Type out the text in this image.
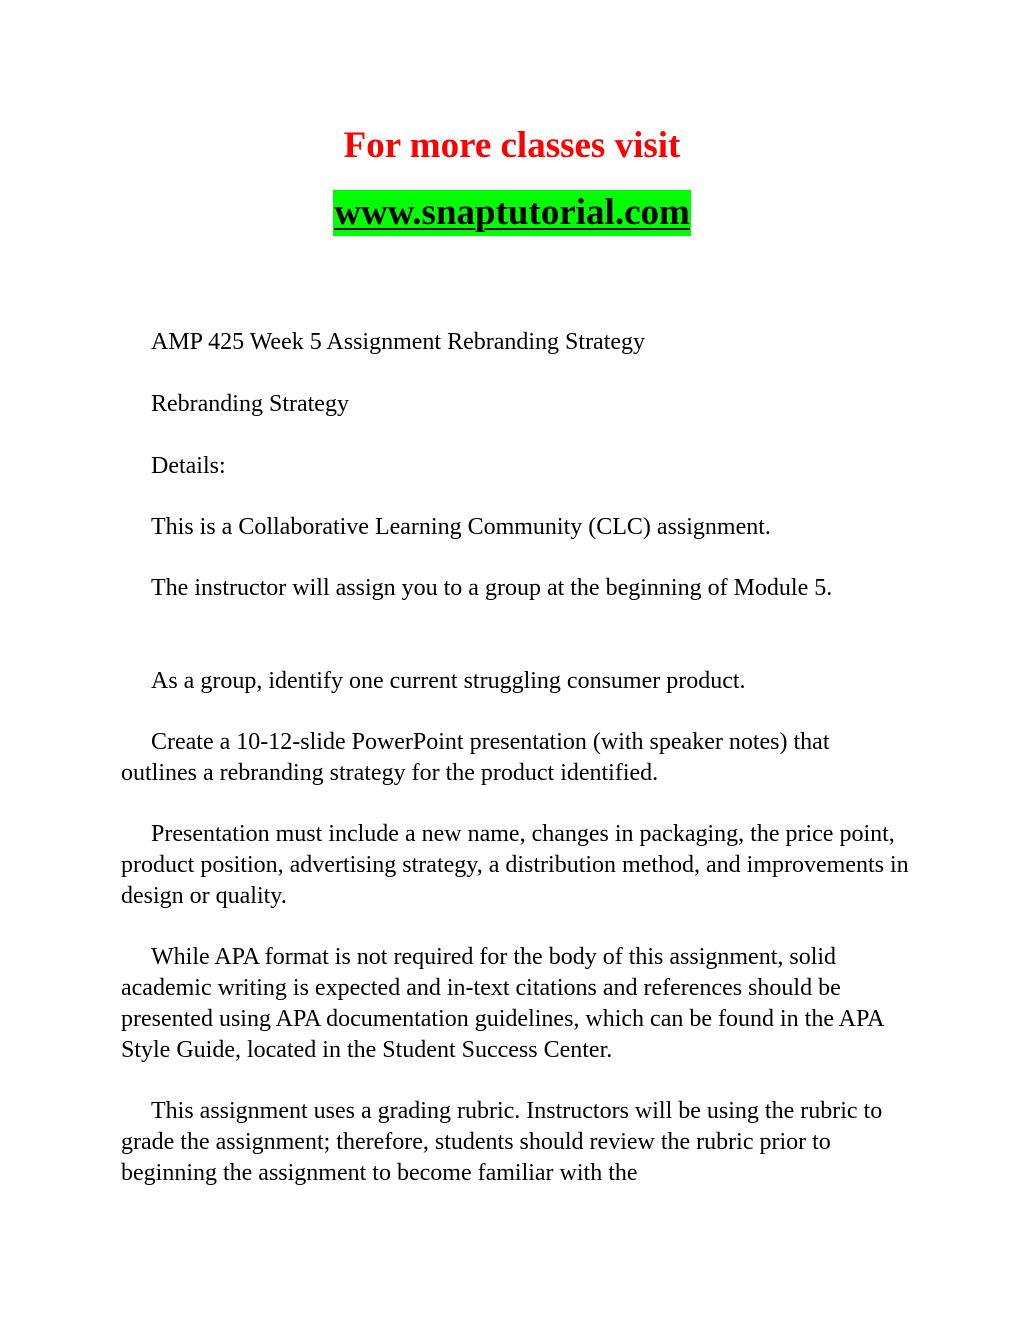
For more classes visit
www.snaptutorial.com

AMP 425 Week 5 Assignment Rebranding Strategy

Rebranding Strategy

Details:

This is a Collaborative Learning Community (CLC) assignment.

The instructor will assign you to a group at the beginning of Module 5.

As a group, identify one current struggling consumer product.

Create a 10-12-slide PowerPoint presentation (with speaker notes) that outlines a rebranding strategy for the product identified.

Presentation must include a new name, changes in packaging, the price point, product position, advertising strategy, a distribution method, and improvements in design or quality.

While APA format is not required for the body of this assignment, solid academic writing is expected and in-text citations and references should be presented using APA documentation guidelines, which can be found in the APA Style Guide, located in the Student Success Center.

This assignment uses a grading rubric. Instructors will be using the rubric to grade the assignment; therefore, students should review the rubric prior to beginning the assignment to become familiar with the
